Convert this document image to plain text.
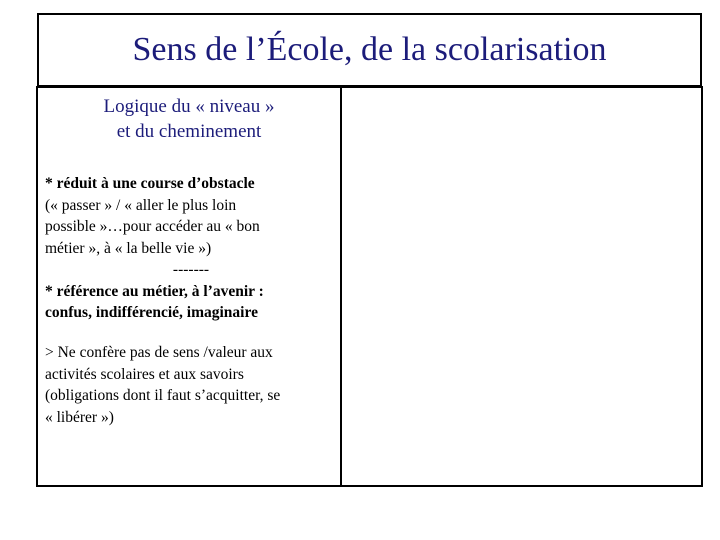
Sens de l’École, de la scolarisation
Logique du « niveau »
et du cheminement
* réduit à une course d’obstacle
(« passer » / « aller le plus loin
possible »…pour accéder au « bon
métier », à « la belle vie »)
-------
* référence au métier, à l’avenir :
confus, indifférencié, imaginaire
> Ne confère pas de sens /valeur aux
activités scolaires et aux savoirs
(obligations dont il faut s’acquitter, se
« libérer »)
